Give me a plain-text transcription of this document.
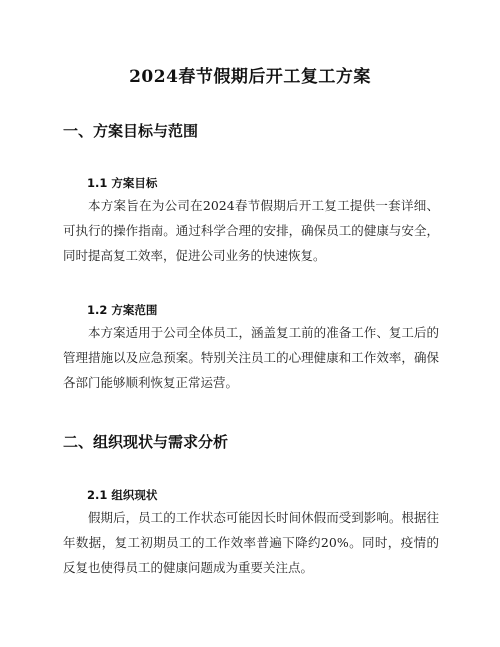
2024春节假期后开工复工方案
一、方案目标与范围
1.1 方案目标

本方案旨在为公司在2024春节假期后开工复工提供一套详细、可执行的操作指南。通过科学合理的安排，确保员工的健康与安全，同时提高复工效率，促进公司业务的快速恢复。

1.2 方案范围

本方案适用于公司全体员工，涵盖复工前的准备工作、复工后的管理措施以及应急预案。特别关注员工的心理健康和工作效率，确保各部门能够顺利恢复正常运营。

二、组织现状与需求分析
2.1 组织现状

假期后，员工的工作状态可能因长时间休假而受到影响。根据往年数据，复工初期员工的工作效率普遍下降约20%。同时，疫情的反复也使得员工的健康问题成为重要关注点。
